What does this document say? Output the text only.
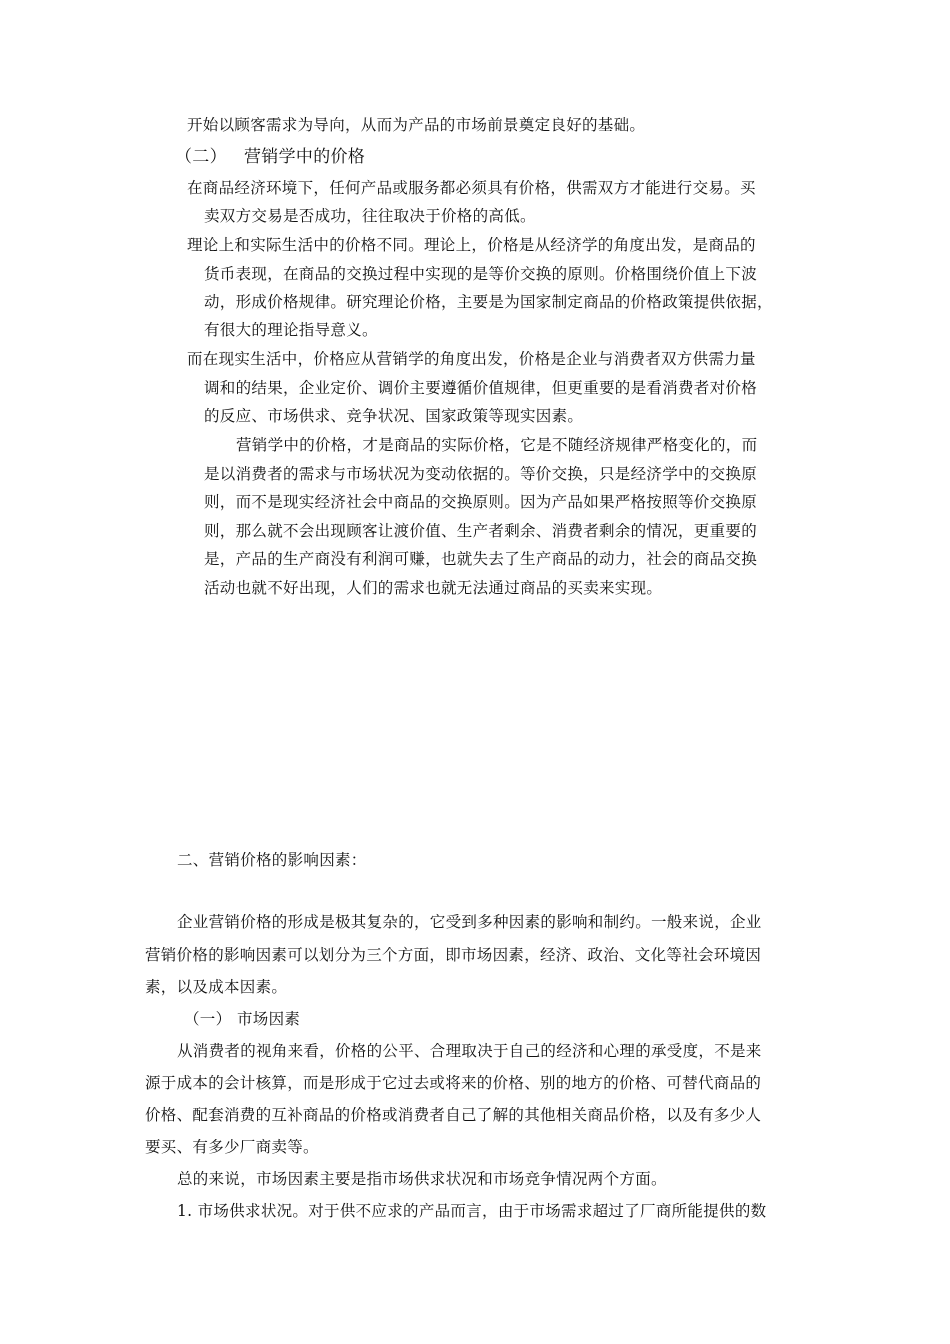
开始以顾客需求为导向，从而为产品的市场前景奠定良好的基础。
（二） 营销学中的价格
在商品经济环境下，任何产品或服务都必须具有价格，供需双方才能进行交易。买
卖双方交易是否成功，往往取决于价格的高低。
理论上和实际生活中的价格不同。理论上，价格是从经济学的角度出发，是商品的
货币表现，在商品的交换过程中实现的是等价交换的原则。价格围绕价值上下波
动，形成价格规律。研究理论价格，主要是为国家制定商品的价格政策提供依据，
有很大的理论指导意义。
而在现实生活中，价格应从营销学的角度出发，价格是企业与消费者双方供需力量
调和的结果，企业定价、调价主要遵循价值规律，但更重要的是看消费者对价格
的反应、市场供求、竞争状况、国家政策等现实因素。
营销学中的价格，才是商品的实际价格，它是不随经济规律严格变化的，而
是以消费者的需求与市场状况为变动依据的。等价交换，只是经济学中的交换原
则，而不是现实经济社会中商品的交换原则。因为产品如果严格按照等价交换原
则，那么就不会出现顾客让渡价值、生产者剩余、消费者剩余的情况，更重要的
是，产品的生产商没有利润可赚，也就失去了生产商品的动力，社会的商品交换
活动也就不好出现，人们的需求也就无法通过商品的买卖来实现。
二、营销价格的影响因素：
企业营销价格的形成是极其复杂的，它受到多种因素的影响和制约。一般来说，企业
营销价格的影响因素可以划分为三个方面，即市场因素，经济、政治、文化等社会环境因
素，以及成本因素。
（一） 市场因素
从消费者的视角来看，价格的公平、合理取决于自己的经济和心理的承受度，不是来
源于成本的会计核算，而是形成于它过去或将来的价格、别的地方的价格、可替代商品的
价格、配套消费的互补商品的价格或消费者自己了解的其他相关商品价格，以及有多少人
要买、有多少厂商卖等。
总的来说，市场因素主要是指市场供求状况和市场竞争情况两个方面。
1. 市场供求状况。对于供不应求的产品而言，由于市场需求超过了厂商所能提供的数
